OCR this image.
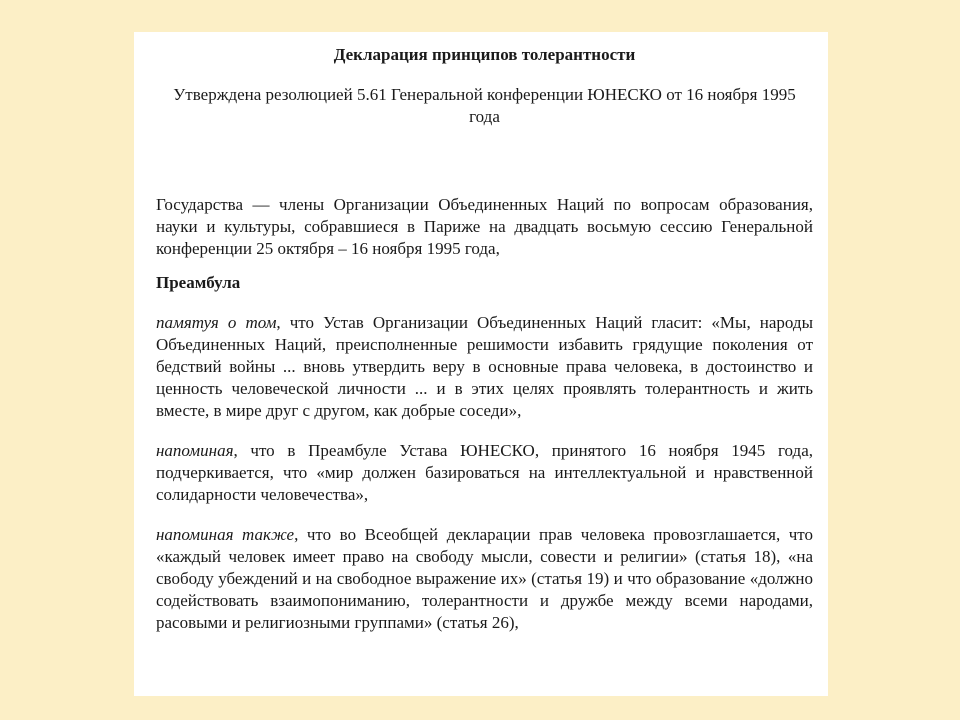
Декларация принципов толерантности

Утверждена резолюцией 5.61 Генеральной конференции ЮНЕСКО от 16 ноября 1995 года

Государства — члены Организации Объединенных Наций по вопросам образования, науки и культуры, собравшиеся в Париже на двадцать восьмую сессию Генеральной конференции 25 октября – 16 ноября 1995 года,

Преамбула

памятуя о том, что Устав Организации Объединенных Наций гласит: «Мы, народы Объединенных Наций, преисполненные решимости избавить грядущие поколения от бедствий войны ... вновь утвердить веру в основные права человека, в достоинство и ценность человеческой личности ... и в этих целях проявлять толерантность и жить вместе, в мире друг с другом, как добрые соседи»,

напоминая, что в Преамбуле Устава ЮНЕСКО, принятого 16 ноября 1945 года, подчеркивается, что «мир должен базироваться на интеллектуальной и нравственной солидарности человечества»,

напоминая также, что во Всеобщей декларации прав человека провозглашается, что «каждый человек имеет право на свободу мысли, совести и религии» (статья 18), «на свободу убеждений и на свободное выражение их» (статья 19) и что образование «должно содействовать взаимопониманию, толерантности и дружбе между всеми народами, расовыми и религиозными группами» (статья 26),
